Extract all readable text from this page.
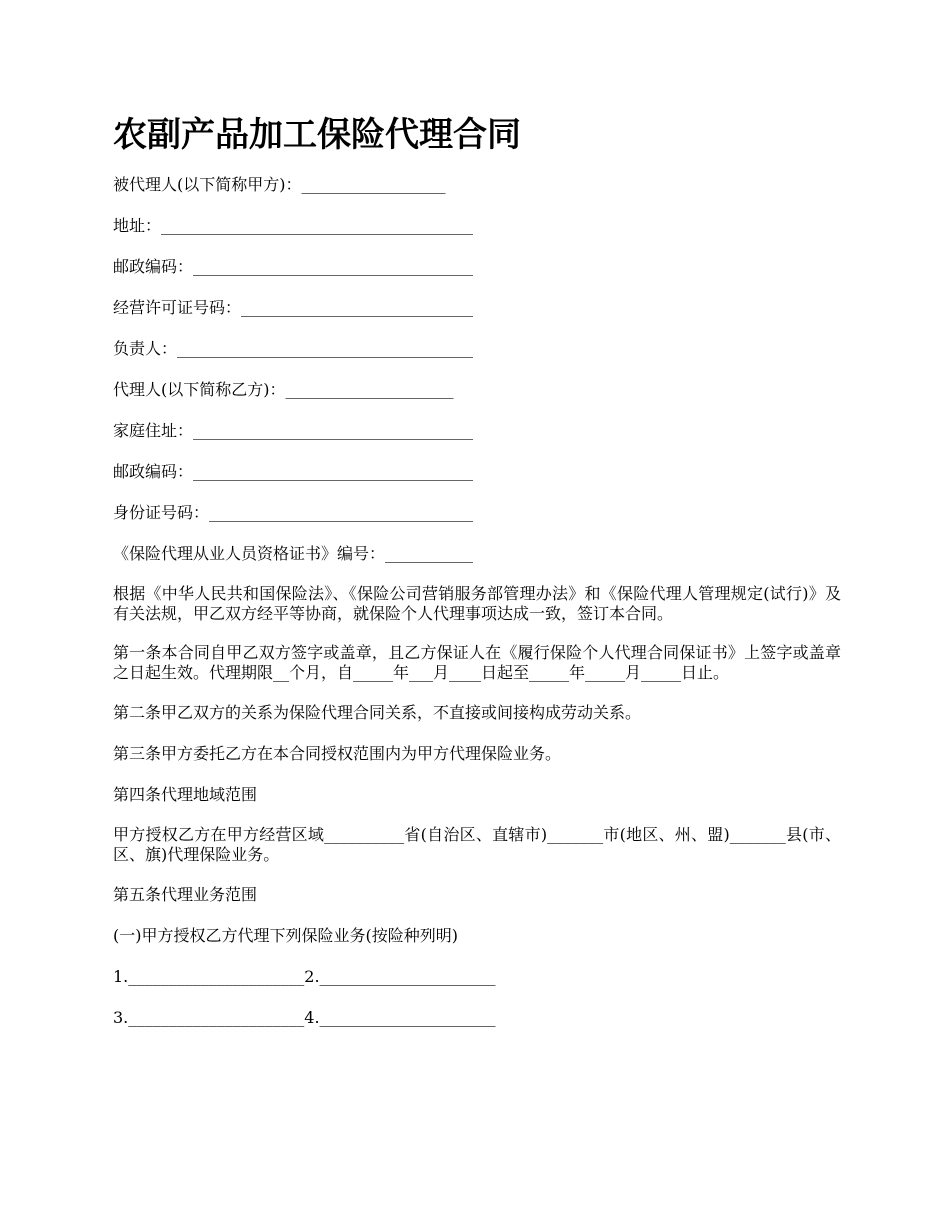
农副产品加工保险代理合同
被代理人(以下简称甲方)：__________________
地址：_______________________________________
邮政编码：___________________________________
经营许可证号码：_____________________________
负责人：_____________________________________
代理人(以下简称乙方)：_____________________
家庭住址：___________________________________
邮政编码：___________________________________
身份证号码：_________________________________
《保险代理从业人员资格证书》编号：___________
根据《中华人民共和国保险法》、《保险公司营销服务部管理办法》和《保险代理人管理规定(试行)》及有关法规，甲乙双方经平等协商，就保险个人代理事项达成一致，签订本合同。
第一条本合同自甲乙双方签字或盖章，且乙方保证人在《履行保险个人代理合同保证书》上签字或盖章之日起生效。代理期限__个月，自_____年___月____日起至_____年_____月_____日止。
第二条甲乙双方的关系为保险代理合同关系，不直接或间接构成劳动关系。
第三条甲方委托乙方在本合同授权范围内为甲方代理保险业务。
第四条代理地域范围
甲方授权乙方在甲方经营区域__________省(自治区、直辖市)_______市(地区、州、盟)_______县(市、区、旗)代理保险业务。
第五条代理业务范围
(一)甲方授权乙方代理下列保险业务(按险种列明)
1.______________________2.______________________
3.______________________4.______________________
